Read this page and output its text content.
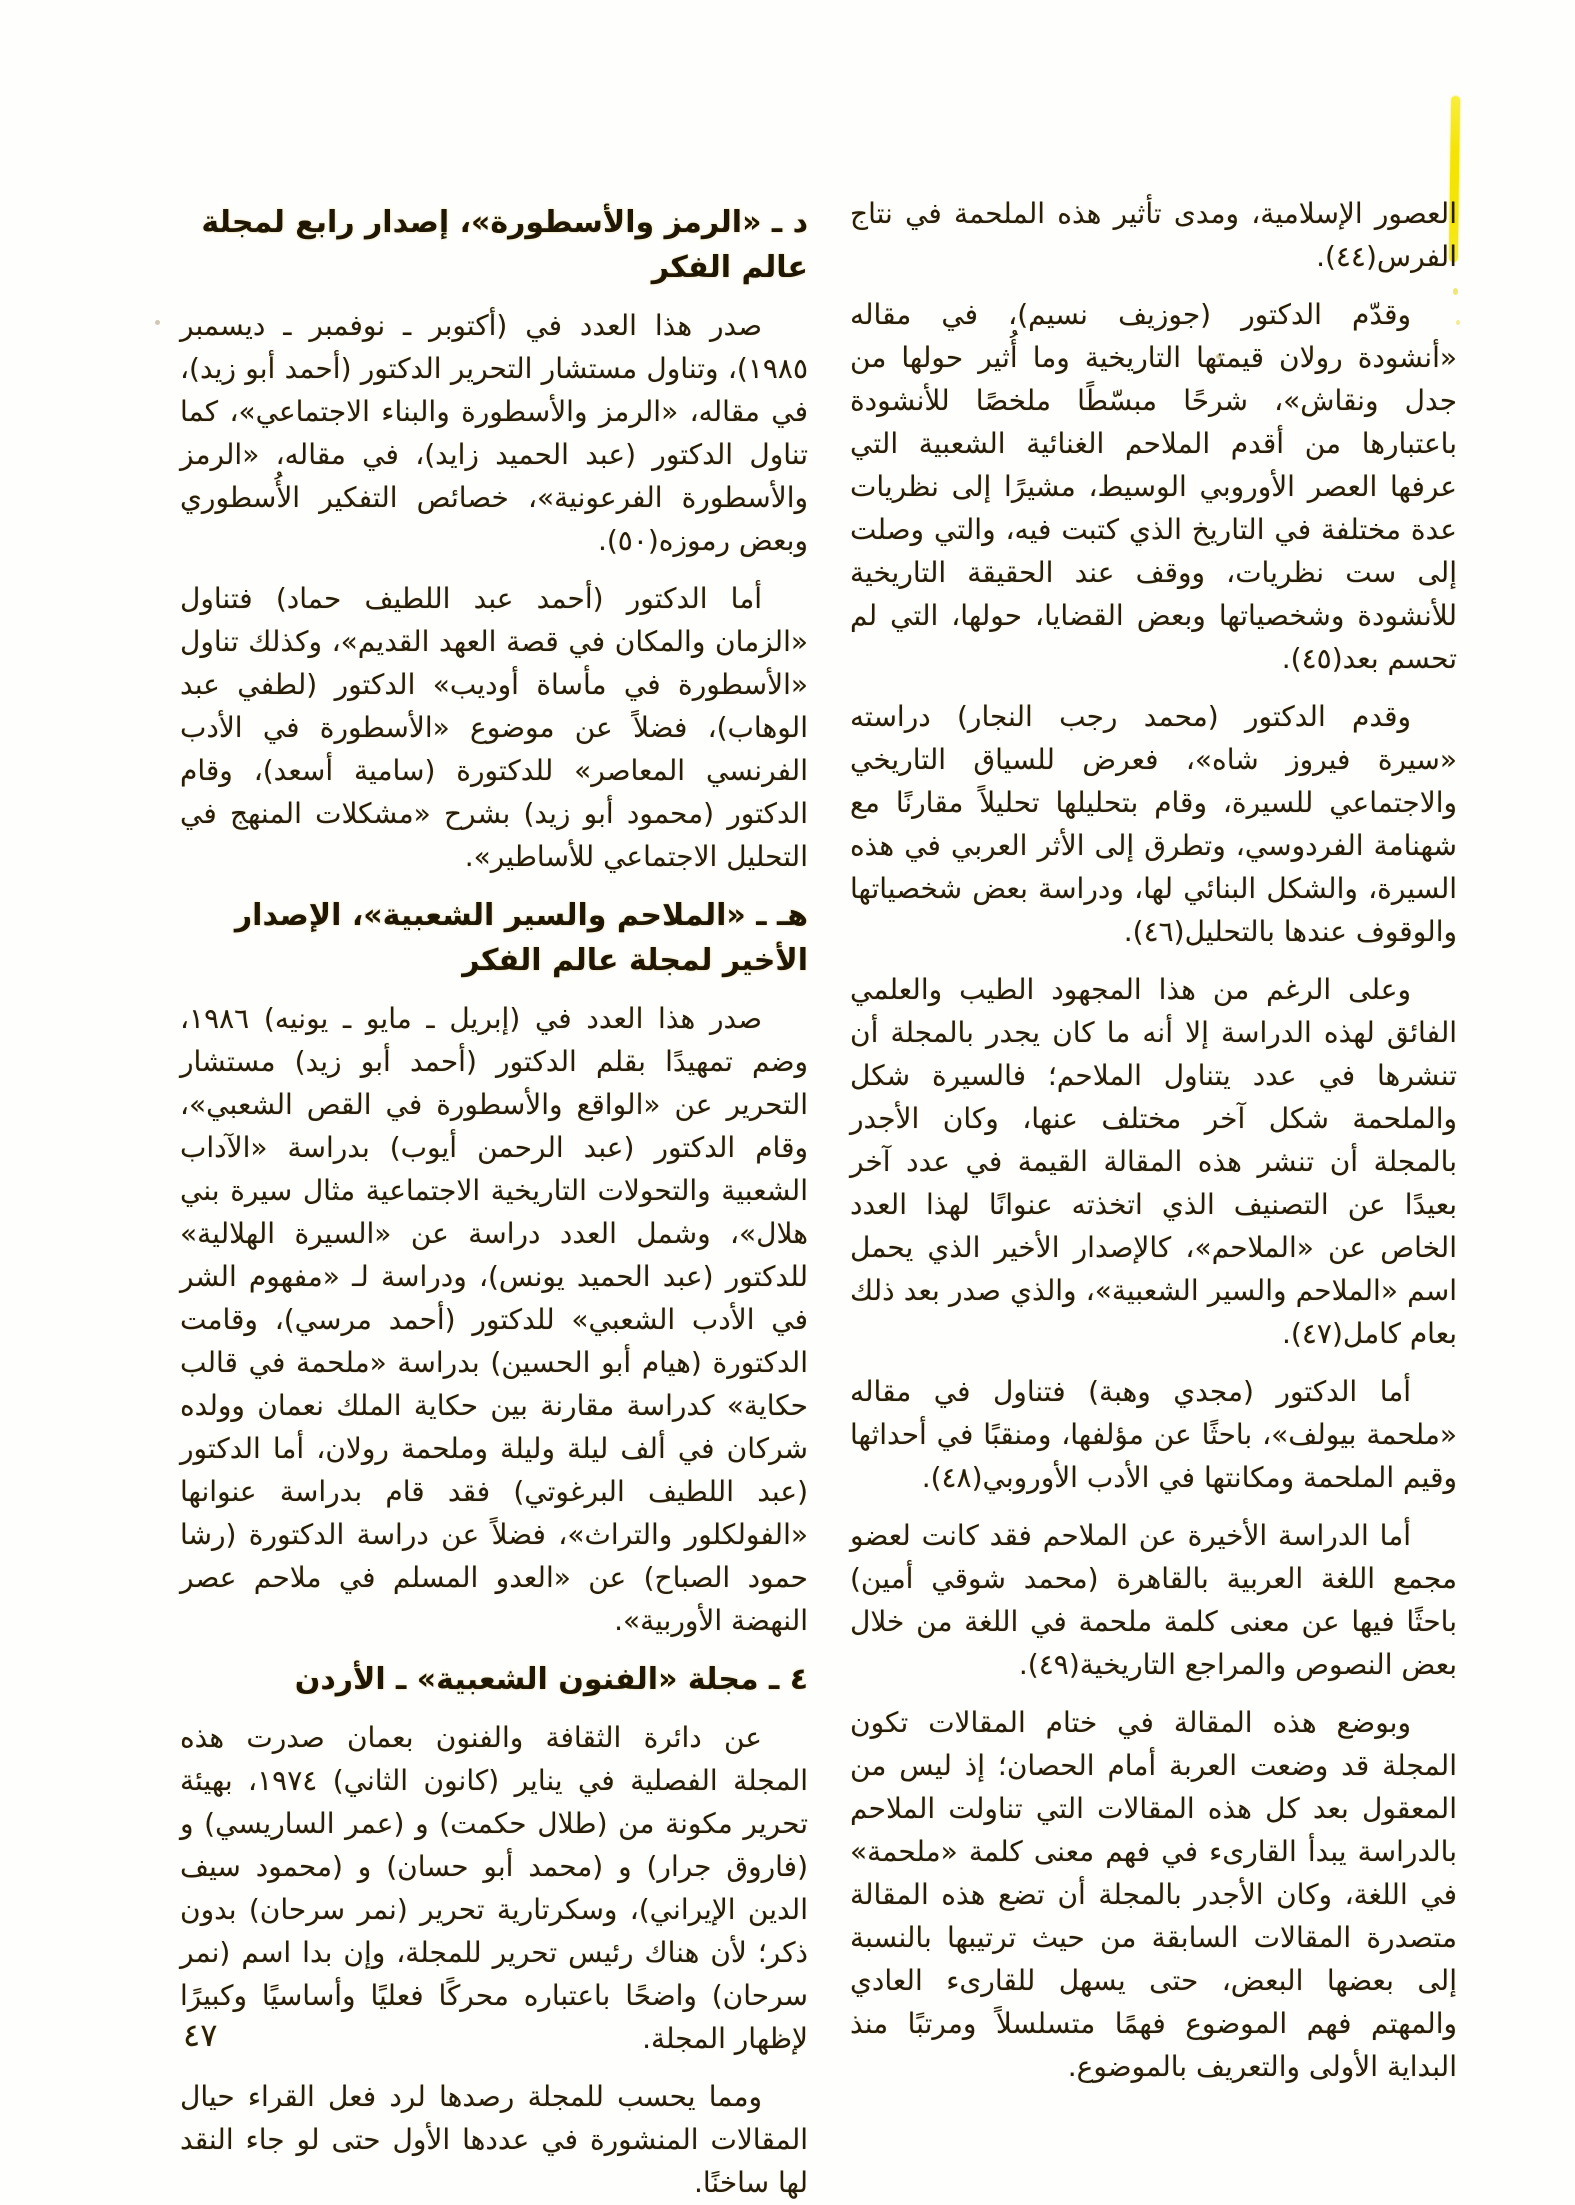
العصور الإسلامية، ومدى تأثير هذه الملحمة في نتاج الفرس(٤٤).

وقدّم الدكتور (جوزيف نسيم)، في مقاله «أنشودة رولان قيمتها التاريخية وما أُثير حولها من جدل ونقاش»، شرحًا مبسّطًا ملخصًا للأنشودة باعتبارها من أقدم الملاحم الغنائية الشعبية التي عرفها العصر الأوروبي الوسيط، مشيرًا إلى نظريات عدة مختلفة في التاريخ الذي كتبت فيه، والتي وصلت إلى ست نظريات، ووقف عند الحقيقة التاريخية للأنشودة وشخصياتها وبعض القضايا، حولها، التي لم تحسم بعد(٤٥).

وقدم الدكتور (محمد رجب النجار) دراسته «سيرة فيروز شاه»، فعرض للسياق التاريخي والاجتماعي للسيرة، وقام بتحليلها تحليلاً مقارنًا مع شهنامة الفردوسي، وتطرق إلى الأثر العربي في هذه السيرة، والشكل البنائي لها، ودراسة بعض شخصياتها والوقوف عندها بالتحليل(٤٦).

وعلى الرغم من هذا المجهود الطيب والعلمي الفائق لهذه الدراسة إلا أنه ما كان يجدر بالمجلة أن تنشرها في عدد يتناول الملاحم؛ فالسيرة شكل والملحمة شكل آخر مختلف عنها، وكان الأجدر بالمجلة أن تنشر هذه المقالة القيمة في عدد آخر بعيدًا عن التصنيف الذي اتخذته عنوانًا لهذا العدد الخاص عن «الملاحم»، كالإصدار الأخير الذي يحمل اسم «الملاحم والسير الشعبية»، والذي صدر بعد ذلك بعام كامل(٤٧).

أما الدكتور (مجدي وهبة) فتناول في مقاله «ملحمة بيولف»، باحثًا عن مؤلفها، ومنقبًا في أحداثها وقيم الملحمة ومكانتها في الأدب الأوروبي(٤٨).

أما الدراسة الأخيرة عن الملاحم فقد كانت لعضو مجمع اللغة العربية بالقاهرة (محمد شوقي أمين) باحثًا فيها عن معنى كلمة ملحمة في اللغة من خلال بعض النصوص والمراجع التاريخية(٤٩).

وبوضع هذه المقالة في ختام المقالات تكون المجلة قد وضعت العربة أمام الحصان؛ إذ ليس من المعقول بعد كل هذه المقالات التي تناولت الملاحم بالدراسة يبدأ القارىء في فهم معنى كلمة «ملحمة» في اللغة، وكان الأجدر بالمجلة أن تضع هذه المقالة متصدرة المقالات السابقة من حيث ترتيبها بالنسبة إلى بعضها البعض، حتى يسهل للقارىء العادي والمهتم فهم الموضوع فهمًا متسلسلاً ومرتبًا منذ البداية الأولى والتعريف بالموضوع.

د ـ «الرمز والأسطورة»، إصدار رابع لمجلة عالم الفكر

صدر هذا العدد في (أكتوبر ـ نوفمبر ـ ديسمبر ١٩٨٥)، وتناول مستشار التحرير الدكتور (أحمد أبو زيد)، في مقاله، «الرمز والأسطورة والبناء الاجتماعي»، كما تناول الدكتور (عبد الحميد زايد)، في مقاله، «الرمز والأسطورة الفرعونية»، خصائص التفكير الأُسطوري وبعض رموزه(٥٠).

أما الدكتور (أحمد عبد اللطيف حماد) فتناول «الزمان والمكان في قصة العهد القديم»، وكذلك تناول «الأسطورة في مأساة أوديب» الدكتور (لطفي عبد الوهاب)، فضلاً عن موضوع «الأسطورة في الأدب الفرنسي المعاصر» للدكتورة (سامية أسعد)، وقام الدكتور (محمود أبو زيد) بشرح «مشكلات المنهج في التحليل الاجتماعي للأساطير».

هـ ـ «الملاحم والسير الشعبية»، الإصدار الأخير لمجلة عالم الفكر

صدر هذا العدد في (إبريل ـ مايو ـ يونيه) ١٩٨٦، وضم تمهيدًا بقلم الدكتور (أحمد أبو زيد) مستشار التحرير عن «الواقع والأسطورة في القص الشعبي»، وقام الدكتور (عبد الرحمن أيوب) بدراسة «الآداب الشعبية والتحولات التاريخية الاجتماعية مثال سيرة بني هلال»، وشمل العدد دراسة عن «السيرة الهلالية» للدكتور (عبد الحميد يونس)، ودراسة لـ «مفهوم الشر في الأدب الشعبي» للدكتور (أحمد مرسي)، وقامت الدكتورة (هيام أبو الحسين) بدراسة «ملحمة في قالب حكاية» كدراسة مقارنة بين حكاية الملك نعمان وولده شركان في ألف ليلة وليلة وملحمة رولان، أما الدكتور (عبد اللطيف البرغوتي) فقد قام بدراسة عنوانها «الفولكلور والتراث»، فضلاً عن دراسة الدكتورة (رشا حمود الصباح) عن «العدو المسلم في ملاحم عصر النهضة الأوربية».

٤ ـ مجلة «الفنون الشعبية» ـ الأردن

عن دائرة الثقافة والفنون بعمان صدرت هذه المجلة الفصلية في يناير (كانون الثاني) ١٩٧٤، بهيئة تحرير مكونة من (طلال حكمت) و (عمر الساريسي) و (فاروق جرار) و (محمد أبو حسان) و (محمود سيف الدين الإيراني)، وسكرتارية تحرير (نمر سرحان) بدون ذكر؛ لأن هناك رئيس تحرير للمجلة، وإن بدا اسم (نمر سرحان) واضحًا باعتباره محركًا فعليًا وأساسيًا وكبيرًا لإظهار المجلة.

ومما يحسب للمجلة رصدها لرد فعل القراء حيال المقالات المنشورة في عددها الأول حتى لو جاء النقد لها ساخنًا.

٤٧
